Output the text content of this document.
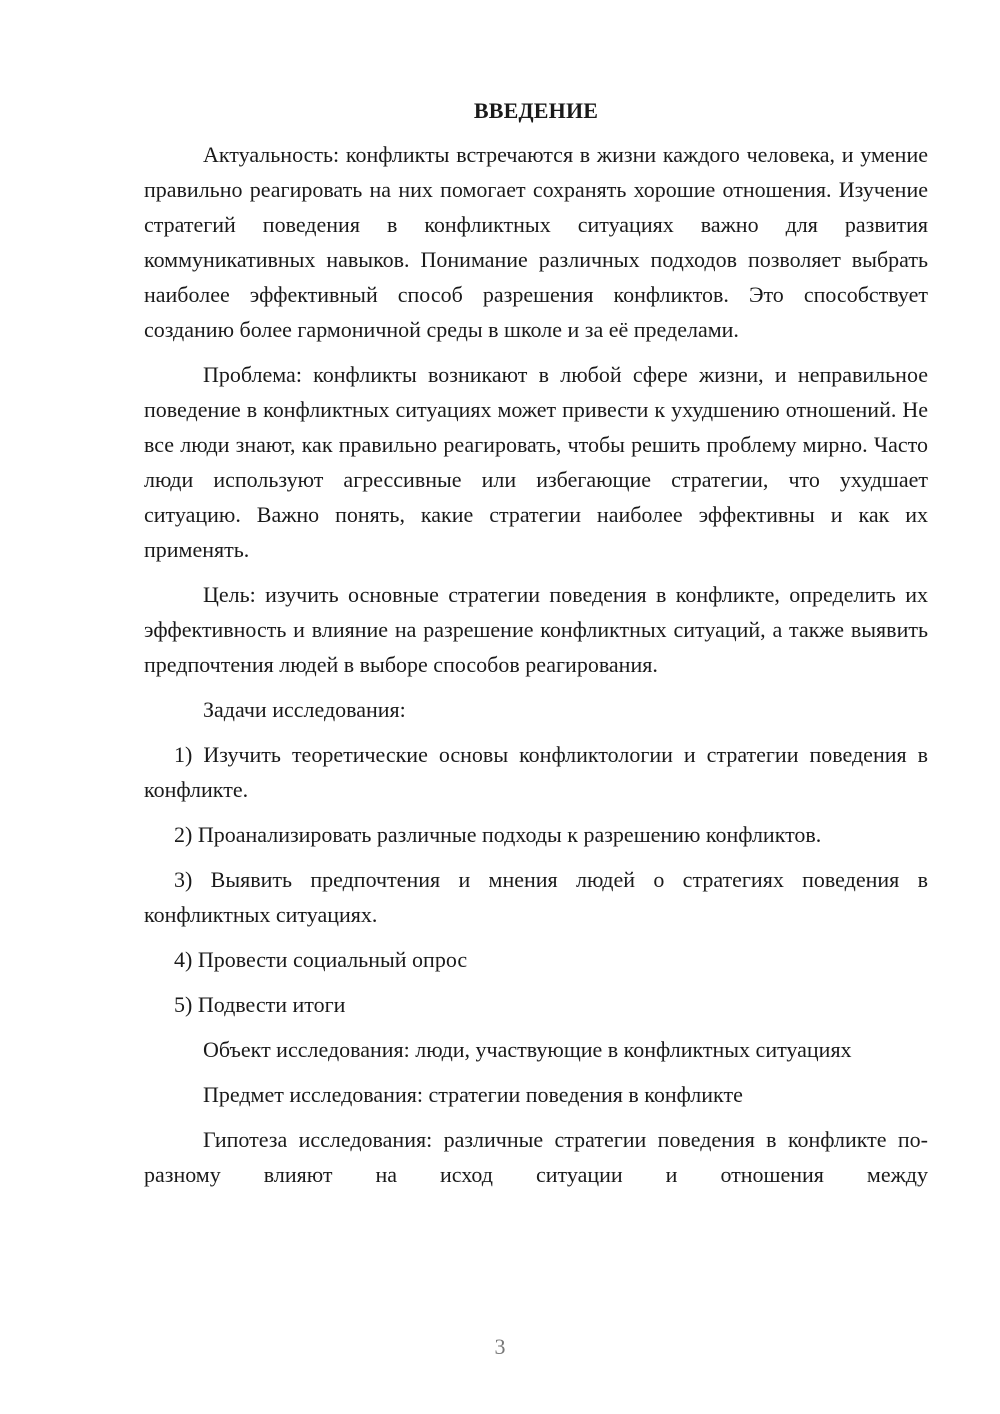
ВВЕДЕНИЕ

Актуальность: конфликты встречаются в жизни каждого человека, и умение правильно реагировать на них помогает сохранять хорошие отношения. Изучение стратегий поведения в конфликтных ситуациях важно для развития коммуникативных навыков. Понимание различных подходов позволяет выбрать наиболее эффективный способ разрешения конфликтов. Это способствует созданию более гармоничной среды в школе и за её пределами.

Проблема: конфликты возникают в любой сфере жизни, и неправильное поведение в конфликтных ситуациях может привести к ухудшению отношений. Не все люди знают, как правильно реагировать, чтобы решить проблему мирно. Часто люди используют агрессивные или избегающие стратегии, что ухудшает ситуацию. Важно понять, какие стратегии наиболее эффективны и как их применять.

Цель: изучить основные стратегии поведения в конфликте, определить их эффективность и влияние на разрешение конфликтных ситуаций, а также выявить предпочтения людей в выборе способов реагирования.

Задачи исследования:

1) Изучить теоретические основы конфликтологии и стратегии поведения в конфликте.

2) Проанализировать различные подходы к разрешению конфликтов.

3) Выявить предпочтения и мнения людей о стратегиях поведения в конфликтных ситуациях.

4) Провести социальный опрос

5) Подвести итоги

Объект исследования: люди, участвующие в конфликтных ситуациях

Предмет исследования: стратегии поведения в конфликте

Гипотеза исследования: различные стратегии поведения в конфликте по-разному влияют на исход ситуации и отношения между

3
